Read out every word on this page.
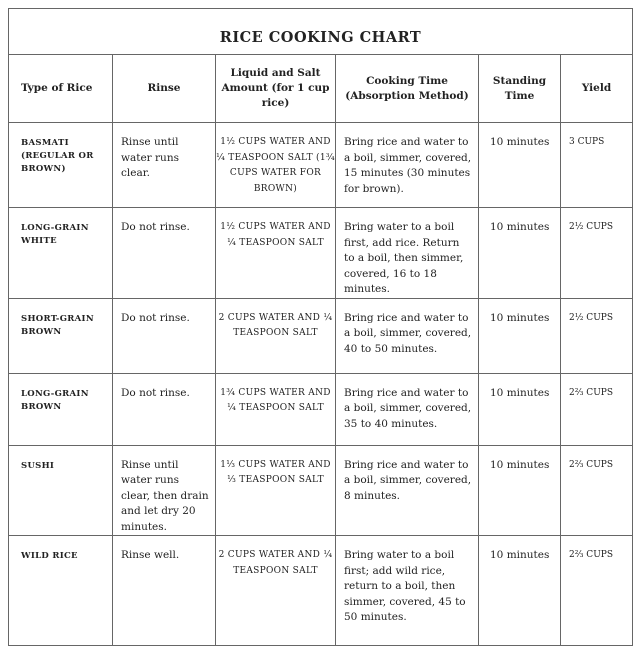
RICE COOKING CHART					
Type of Rice	Rinse	Liquid and Salt Amount (for 1 cup rice)	Cooking Time (Absorption Method)	Standing Time	Yield
BASMATI (REGULAR OR BROWN)	Rinse until water runs clear.	1½ CUPS WATER AND ¼ TEASPOON SALT (1¾ CUPS WATER FOR BROWN)	Bring rice and water to a boil, simmer, covered, 15 minutes (30 minutes for brown).	10 minutes	3 CUPS
LONG-GRAIN WHITE	Do not rinse.	1½ CUPS WATER AND ¼ TEASPOON SALT	Bring water to a boil first, add rice. Return to a boil, then simmer, covered, 16 to 18 minutes.	10 minutes	2½ CUPS
SHORT-GRAIN BROWN	Do not rinse.	2 CUPS WATER AND ¼ TEASPOON SALT	Bring rice and water to a boil, simmer, covered, 40 to 50 minutes.	10 minutes	2½ CUPS
LONG-GRAIN BROWN	Do not rinse.	1¾ CUPS WATER AND ¼ TEASPOON SALT	Bring rice and water to a boil, simmer, covered, 35 to 40 minutes.	10 minutes	2⅔ CUPS
SUSHI	Rinse until water runs clear, then drain and let dry 20 minutes.	1⅓ CUPS WATER AND ⅓ TEASPOON SALT	Bring rice and water to a boil, simmer, covered, 8 minutes.	10 minutes	2⅔ CUPS
WILD RICE	Rinse well.	2 CUPS WATER AND ¼ TEASPOON SALT	Bring water to a boil first; add wild rice, return to a boil, then simmer, covered, 45 to 50 minutes.	10 minutes	2⅔ CUPS
